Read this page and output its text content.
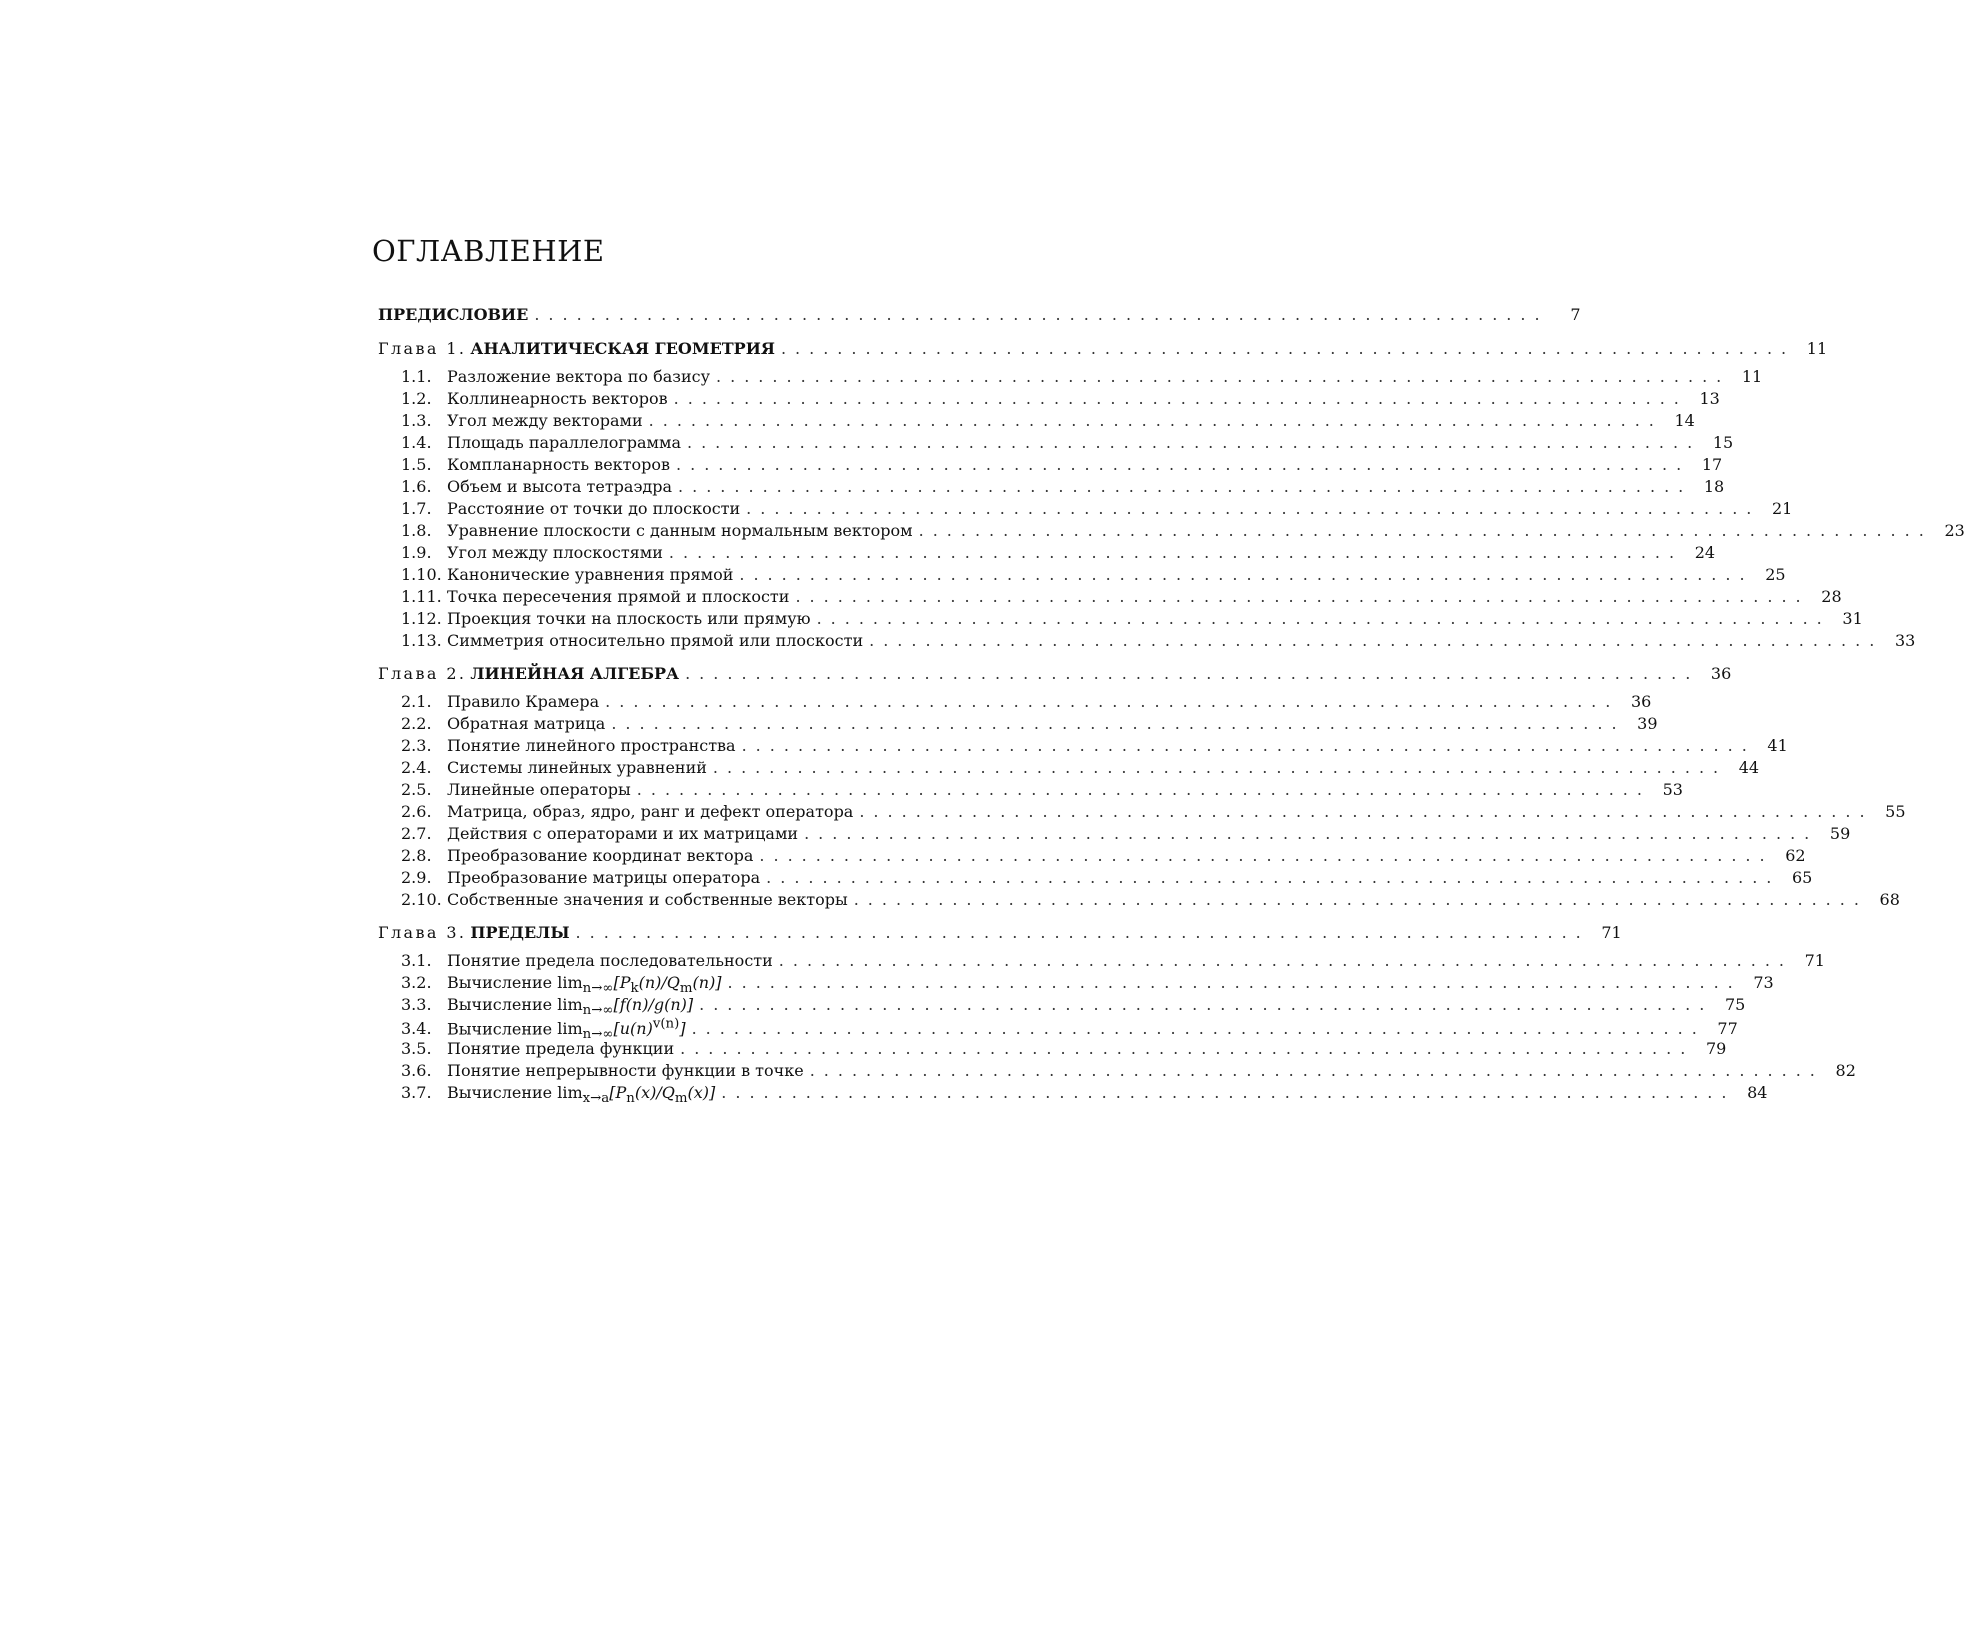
ОГЛАВЛЕНИЕ
ПРЕДИСЛОВИЕ ........................................................................	7
Глава 1. АНАЛИТИЧЕСКАЯ ГЕОМЕТРИЯ ........................................................................ 11
1.1. Разложение вектора по базису ........................................................................ 11
1.2. Коллинеарность векторов ........................................................................ 13
1.3. Угол между векторами ........................................................................ 14
1.4. Площадь параллелограмма ........................................................................ 15
1.5. Компланарность векторов ........................................................................ 17
1.6. Объем и высота тетраэдра ........................................................................ 18
1.7. Расстояние от точки до плоскости ........................................................................ 21
1.8. Уравнение плоскости с данным нормальным вектором ........................................................................ 23
1.9. Угол между плоскостями ........................................................................ 24
1.10. Канонические уравнения прямой ........................................................................ 25
1.11. Точка пересечения прямой и плоскости ........................................................................ 28
1.12. Проекция точки на плоскость или прямую ........................................................................ 31
1.13. Симметрия относительно прямой или плоскости ........................................................................ 33
Глава 2. ЛИНЕЙНАЯ АЛГЕБРА ........................................................................ 36
2.1. Правило Крамера ........................................................................ 36
2.2. Обратная матрица ........................................................................ 39
2.3. Понятие линейного пространства ........................................................................ 41
2.4. Системы линейных уравнений ........................................................................ 44
2.5. Линейные операторы ........................................................................ 53
2.6. Матрица, образ, ядро, ранг и дефект оператора ........................................................................ 55
2.7. Действия с операторами и их матрицами ........................................................................ 59
2.8. Преобразование координат вектора ........................................................................ 62
2.9. Преобразование матрицы оператора ........................................................................ 65
2.10. Собственные значения и собственные векторы ........................................................................ 68
Глава 3. ПРЕДЕЛЫ ........................................................................ 71
3.1. Понятие предела последовательности ........................................................................ 71
3.2. Вычисление $\lim_{n\to\infty}[P_k(n)/Q_m(n)]$ ........................................................................ 73
3.3. Вычисление $\lim_{n\to\infty}[f(n)/g(n)]$ ........................................................................ 75
3.4. Вычисление $\lim_{n\to\infty}[u(n)^{v(n)}]$ ........................................................................ 77
3.5. Понятие предела функции ........................................................................ 79
3.6. Понятие непрерывности функции в точке ........................................................................ 82
3.7. Вычисление $\lim_{x\to a}[P_n(x)/Q_m(x)]$ ........................................................................ 84
